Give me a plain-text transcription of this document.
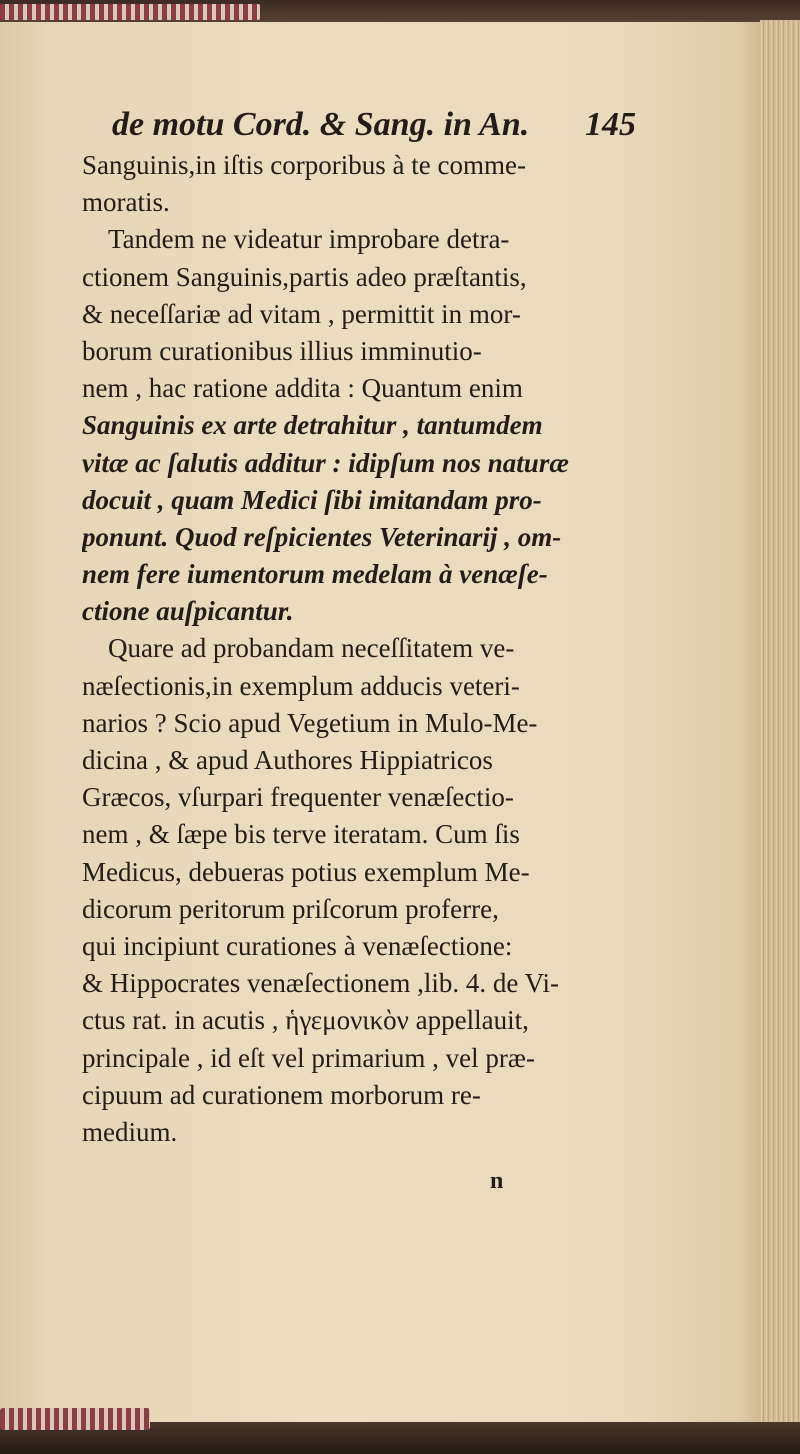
de motu Cord. & Sang. in An. 145
Sanguinis,in iſtis corporibus à te comme-
moratis.
Tandem ne videatur improbare detra-
ctionem Sanguinis,partis adeo præſtantis,
& neceſſariæ ad vitam , permittit in mor-
borum curationibus illius imminutio-
nem , hac ratione addita : Quantum enim
Sanguinis ex arte detrahitur , tantumdem
vitæ ac ſalutis additur : idipſum nos naturæ
docuit , quam Medici ſibi imitandam pro-
ponunt. Quod reſpicientes Veterinarij , om-
nem fere iumentorum medelam à venæſe-
ctione auſpicantur.
Quare ad probandam neceſſitatem ve-
næſectionis,in exemplum adducis veteri-
narios ? Scio apud Vegetium in Mulo-Me-
dicina , & apud Authores Hippiatricos
Græcos, vſurpari frequenter venæſectio-
nem , & ſæpe bis terve iteratam. Cum ſis
Medicus, debueras potius exemplum Me-
dicorum peritorum priſcorum proferre,
qui incipiunt curationes à venæſectione:
& Hippocrates venæſectionem ,lib. 4. de Vi-
ctus rat. in acutis , ἡγεμονικὸν appellauit,
principale , id eſt vel primarium , vel præ-
cipuum ad curationem morborum re-
medium.
n
